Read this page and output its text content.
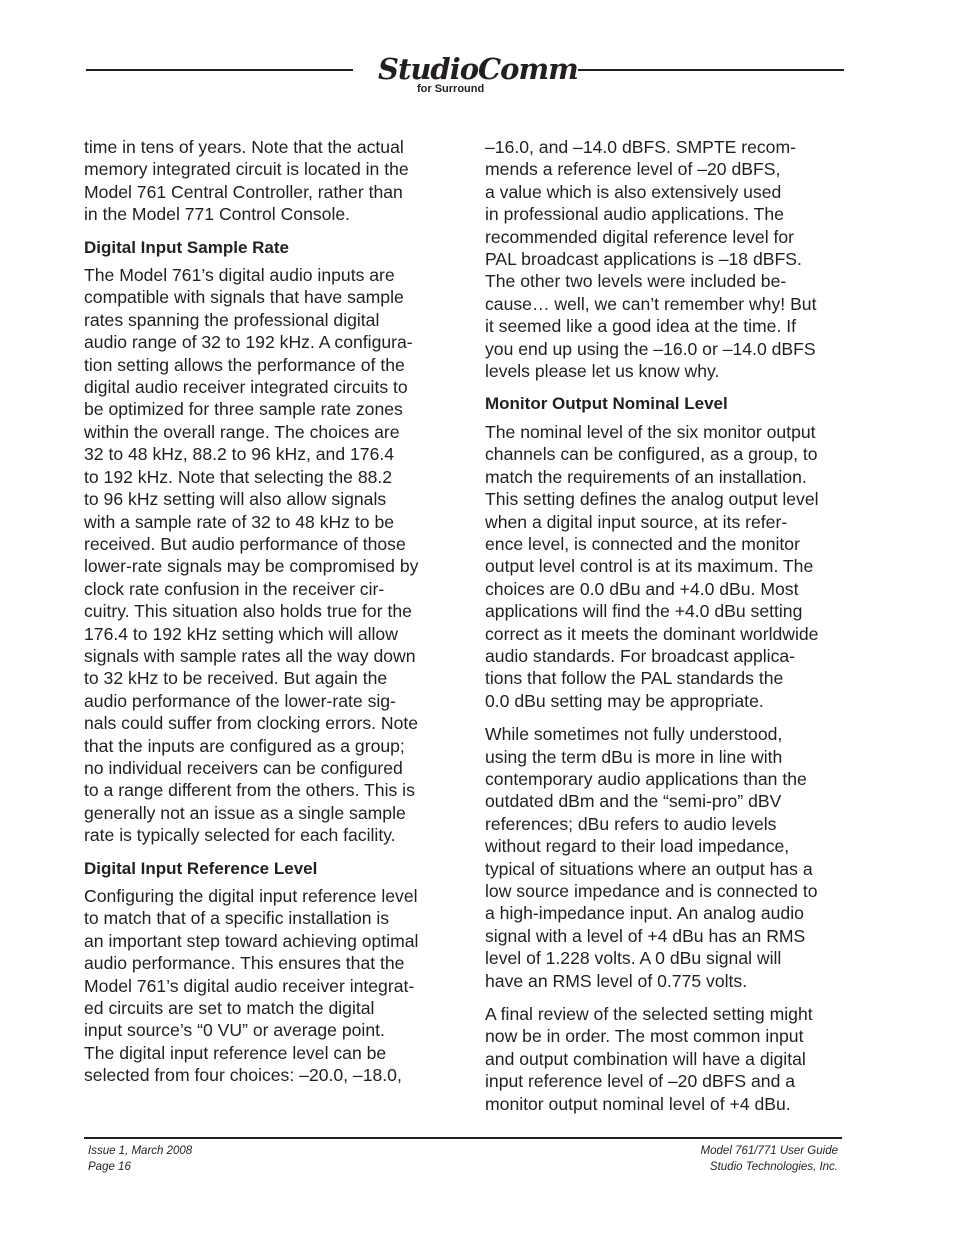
StudioComm
for Surround

time in tens of years. Note that the actual
memory integrated circuit is located in the
Model 761 Central Controller, rather than
in the Model 771 Control Console.

Digital Input Sample Rate

The Model 761’s digital audio inputs are
compatible with signals that have sample
rates spanning the professional digital
audio range of 32 to 192 kHz. A configura-
tion setting allows the performance of the
digital audio receiver integrated circuits to
be optimized for three sample rate zones
within the overall range. The choices are
32 to 48 kHz, 88.2 to 96 kHz, and 176.4
to 192 kHz. Note that selecting the 88.2
to 96 kHz setting will also allow signals
with a sample rate of 32 to 48 kHz to be
received. But audio performance of those
lower-rate signals may be compromised by
clock rate confusion in the receiver cir-
cuitry. This situation also holds true for the
176.4 to 192 kHz setting which will allow
signals with sample rates all the way down
to 32 kHz to be received. But again the
audio performance of the lower-rate sig-
nals could suffer from clocking errors. Note
that the inputs are configured as a group;
no individual receivers can be configured
to a range different from the others. This is
generally not an issue as a single sample
rate is typically selected for each facility.

Digital Input Reference Level

Configuring the digital input reference level
to match that of a specific installation is
an important step toward achieving optimal
audio performance. This ensures that the
Model 761’s digital audio receiver integrat-
ed circuits are set to match the digital
input source’s “0 VU” or average point.
The digital input reference level can be
selected from four choices: –20.0, –18.0,

–16.0, and –14.0 dBFS. SMPTE recom-
mends a reference level of –20 dBFS,
a value which is also extensively used
in professional audio applications. The
recommended digital reference level for
PAL broadcast applications is –18 dBFS.
The other two levels were included be-
cause… well, we can’t remember why! But
it seemed like a good idea at the time. If
you end up using the –16.0 or –14.0 dBFS
levels please let us know why.

Monitor Output Nominal Level

The nominal level of the six monitor output
channels can be configured, as a group, to
match the requirements of an installation.
This setting defines the analog output level
when a digital input source, at its refer-
ence level, is connected and the monitor
output level control is at its maximum. The
choices are 0.0 dBu and +4.0 dBu. Most
applications will find the +4.0 dBu setting
correct as it meets the dominant worldwide
audio standards. For broadcast applica-
tions that follow the PAL standards the
0.0 dBu setting may be appropriate.

While sometimes not fully understood,
using the term dBu is more in line with
contemporary audio applications than the
outdated dBm and the “semi-pro” dBV
references; dBu refers to audio levels
without regard to their load impedance,
typical of situations where an output has a
low source impedance and is connected to
a high-impedance input. An analog audio
signal with a level of +4 dBu has an RMS
level of 1.228 volts. A 0 dBu signal will
have an RMS level of 0.775 volts.

A final review of the selected setting might
now be in order. The most common input
and output combination will have a digital
input reference level of –20 dBFS and a
monitor output nominal level of +4 dBu.

Issue 1, March 2008
Page 16
Model 761/771 User Guide
Studio Technologies, Inc.
